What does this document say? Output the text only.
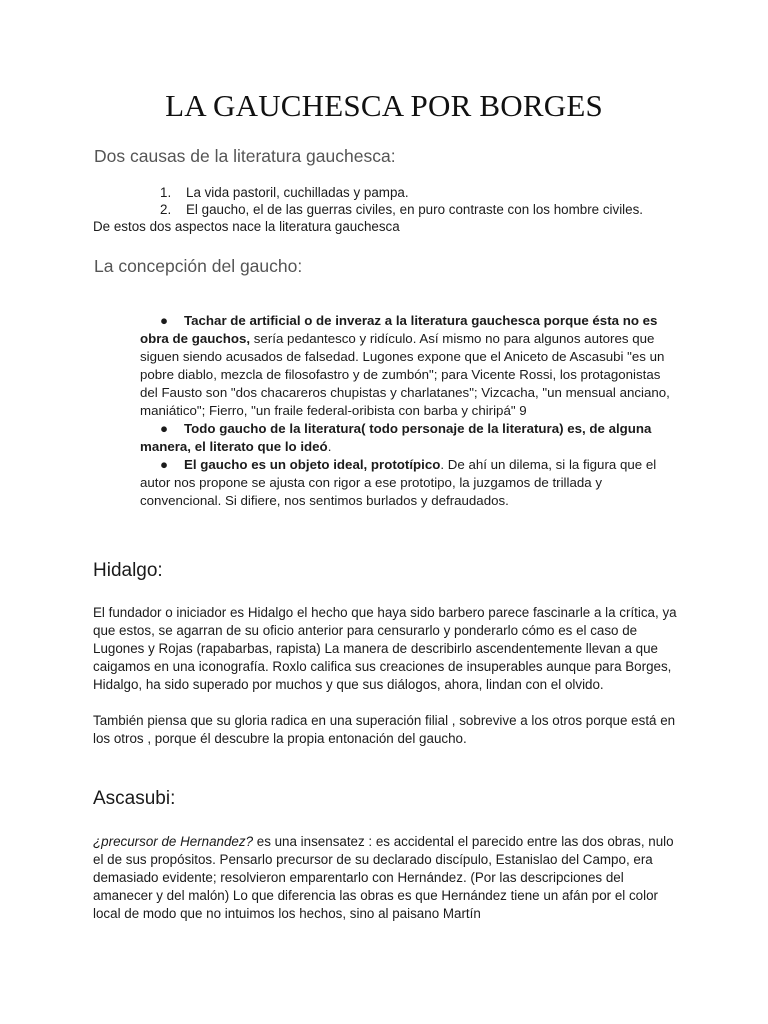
LA GAUCHESCA POR BORGES
Dos causas de la literatura gauchesca:
1. La vida pastoril, cuchilladas y pampa.
2. El gaucho, el de las guerras civiles, en puro contraste con los hombre civiles.

De estos dos aspectos nace la literatura gauchesca

La concepción del gaucho:
● Tachar de artificial o de inveraz a la literatura gauchesca porque ésta no es obra de gauchos, sería pedantesco y ridículo. Así mismo no para algunos autores que siguen siendo acusados de falsedad. Lugones expone que el Aniceto de Ascasubi "es un pobre diablo, mezcla de filosofastro y de zumbón"; para Vicente Rossi, los protagonistas del Fausto son "dos chacareros chupistas y charlatanes"; Vizcacha, "un mensual anciano, maniático"; Fierro, "un fraile federal-oribista con barba y chiripá" 9
● Todo gaucho de la literatura( todo personaje de la literatura) es, de alguna manera, el literato que lo ideó.
● El gaucho es un objeto ideal, prototípico. De ahí un dilema, si la figura que el autor nos propone se ajusta con rigor a ese prototipo, la juzgamos de trillada y convencional. Si difiere, nos sentimos burlados y defraudados.
Hidalgo:

El fundador o iniciador es Hidalgo el hecho que haya sido barbero parece fascinarle a la crítica, ya que estos, se agarran de su oficio anterior para censurarlo y ponderarlo cómo es el caso de Lugones y Rojas (rapabarbas, rapista) La manera de describirlo ascendentemente llevan a que caigamos en una iconografía. Roxlo califica sus creaciones de insuperables aunque para Borges, Hidalgo, ha sido superado por muchos y que sus diálogos, ahora, lindan con el olvido.

También piensa que su gloria radica en una superación filial , sobrevive a los otros porque está en los otros , porque él descubre la propia entonación del gaucho.

Ascasubi:

¿precursor de Hernandez? es una insensatez : es accidental el parecido entre las dos obras, nulo el de sus propósitos. Pensarlo precursor de su declarado discípulo, Estanislao del Campo, era demasiado evidente; resolvieron emparentarlo con Hernández. (Por las descripciones del amanecer y del malón) Lo que diferencia las obras es que Hernández tiene un afán por el color local de modo que no intuimos los hechos, sino al paisano Martín
